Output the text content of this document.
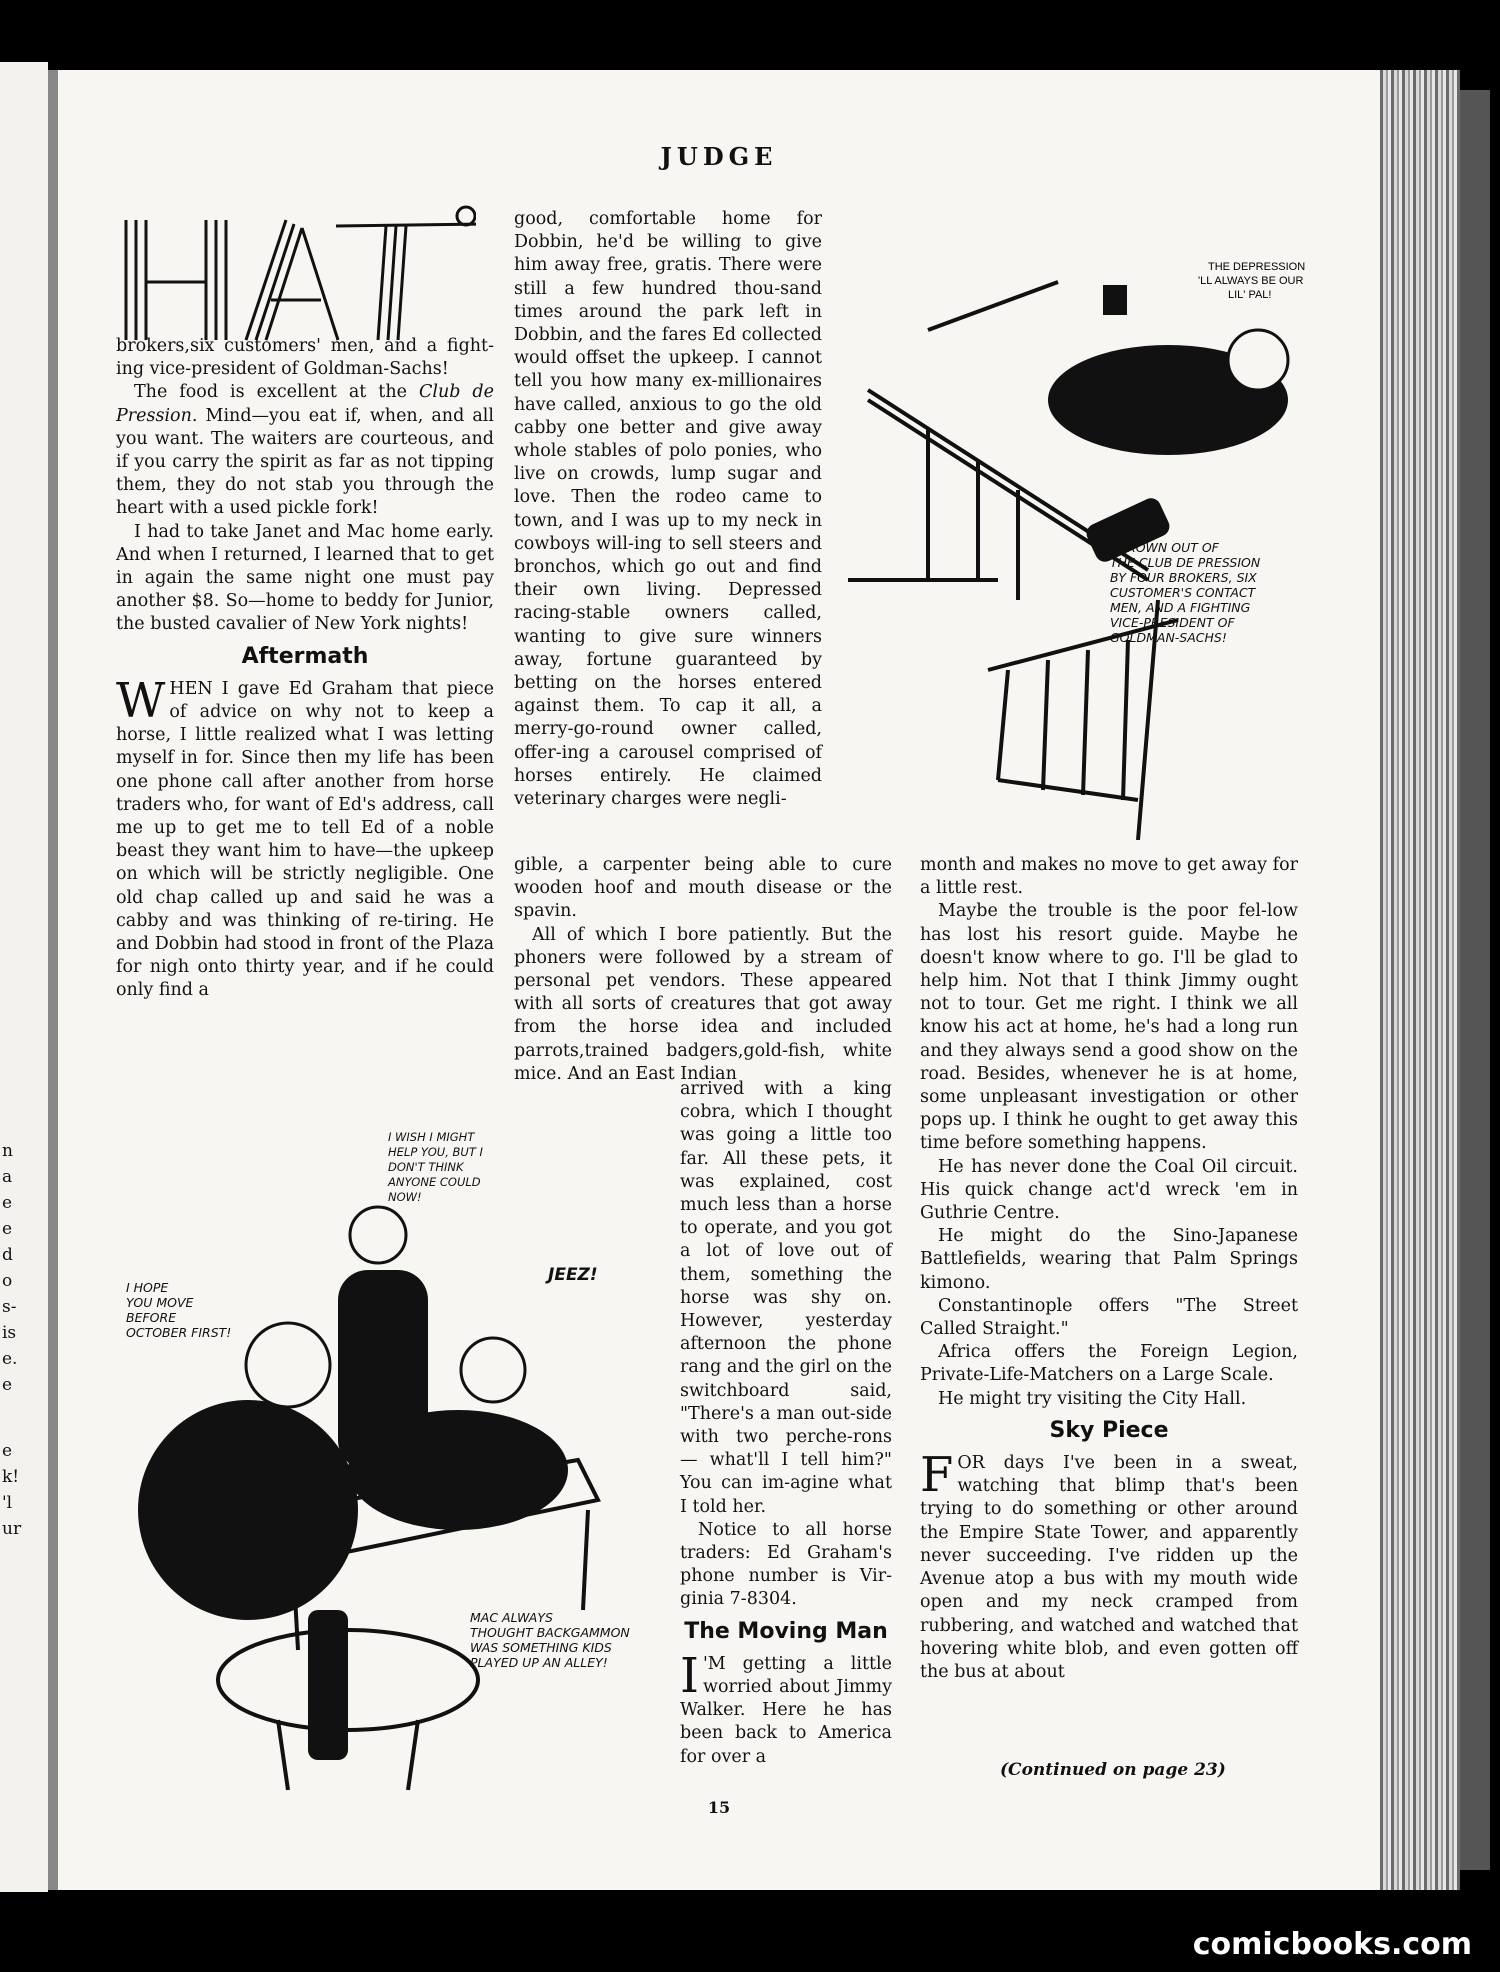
n
a
e
e
d
o
s-
is
e.
e
e
k!
'l
ur
JUDGE

brokers,six customers' men, and a fight-ing vice-president of Goldman-Sachs!

The food is excellent at the Club de Pression. Mind—you eat if, when, and all you want. The waiters are courteous, and if you carry the spirit as far as not tipping them, they do not stab you through the heart with a used pickle fork!

I had to take Janet and Mac home early. And when I returned, I learned that to get in again the same night one must pay another $8. So—home to beddy for Junior, the busted cavalier of New York nights!

Aftermath

WHEN I gave Ed Graham that piece of advice on why not to keep a horse, I little realized what I was letting myself in for. Since then my life has been one phone call after another from horse traders who, for want of Ed's address, call me up to get me to tell Ed of a noble beast they want him to have—the upkeep on which will be strictly negligible. One old chap called up and said he was a cabby and was thinking of re-tiring. He and Dobbin had stood in front of the Plaza for nigh onto thirty year, and if he could only find a

good, comfortable home for Dobbin, he'd be willing to give him away free, gratis. There were still a few hundred thou-sand times around the park left in Dobbin, and the fares Ed collected would offset the upkeep. I cannot tell you how many ex-millionaires have called, anxious to go the old cabby one better and give away whole stables of polo ponies, who live on crowds, lump sugar and love. Then the rodeo came to town, and I was up to my neck in cowboys will-ing to sell steers and bronchos, which go out and find their own living. Depressed racing-stable owners called, wanting to give sure winners away, fortune guaranteed by betting on the horses entered against them. To cap it all, a merry-go-round owner called, offer-ing a carousel comprised of horses entirely. He claimed veterinary charges were negli-

gible, a carpenter being able to cure wooden hoof and mouth disease or the spavin.

All of which I bore patiently. But the phoners were followed by a stream of personal pet vendors. These appeared with all sorts of creatures that got away from the horse idea and included parrots,trained badgers,gold-fish, white mice. And an East Indian

arrived with a king cobra, which I thought was going a little too far. All these pets, it was explained, cost much less than a horse to operate, and you got a lot of love out of them, something the horse was shy on. However, yesterday afternoon the phone rang and the girl on the switchboard said, "There's a man out-side with two perche-rons — what'll I tell him?" You can im-agine what I told her.

Notice to all horse traders: Ed Graham's phone number is Vir-ginia 7-8304.

The Moving Man

I 'M getting a little worried about Jimmy Walker. Here he has been back to America for over a

month and makes no move to get away for a little rest.

Maybe the trouble is the poor fel-low has lost his resort guide. Maybe he doesn't know where to go. I'll be glad to help him. Not that I think Jimmy ought not to tour. Get me right. I think we all know his act at home, he's had a long run and they always send a good show on the road. Besides, whenever he is at home, some unpleasant investigation or other pops up. I think he ought to get away this time before something happens.

He has never done the Coal Oil circuit. His quick change act'd wreck 'em in Guthrie Centre.

He might do the Sino-Japanese Battlefields, wearing that Palm Springs kimono.

Constantinople offers "The Street Called Straight."

Africa offers the Foreign Legion, Private-Life-Matchers on a Large Scale.

He might try visiting the City Hall.

Sky Piece

FOR days I've been in a sweat, watching that blimp that's been trying to do something or other around the Empire State Tower, and apparently never succeeding. I've ridden up the Avenue atop a bus with my mouth wide open and my neck cramped from rubbering, and watched and watched that hovering white blob, and even gotten off the bus at about

(Continued on page 23)
THE DEPRESSION 'LL ALWAYS BE OUR LIL' PAL!
THROWN OUT OF
THE CLUB DE PRESSION
BY FOUR BROKERS, SIX
CUSTOMER'S CONTACT
MEN, AND A FIGHTING
VICE-PRESIDENT OF
GOLDMAN-SACHS!
I WISH I MIGHT
HELP YOU, BUT I
DON'T THINK
ANYONE COULD
NOW!
JEEZ!
I HOPE
YOU MOVE
BEFORE
OCTOBER FIRST!
MAC ALWAYS
THOUGHT BACKGAMMON
WAS SOMETHING KIDS
PLAYED UP AN ALLEY!
15
comicbooks.com
